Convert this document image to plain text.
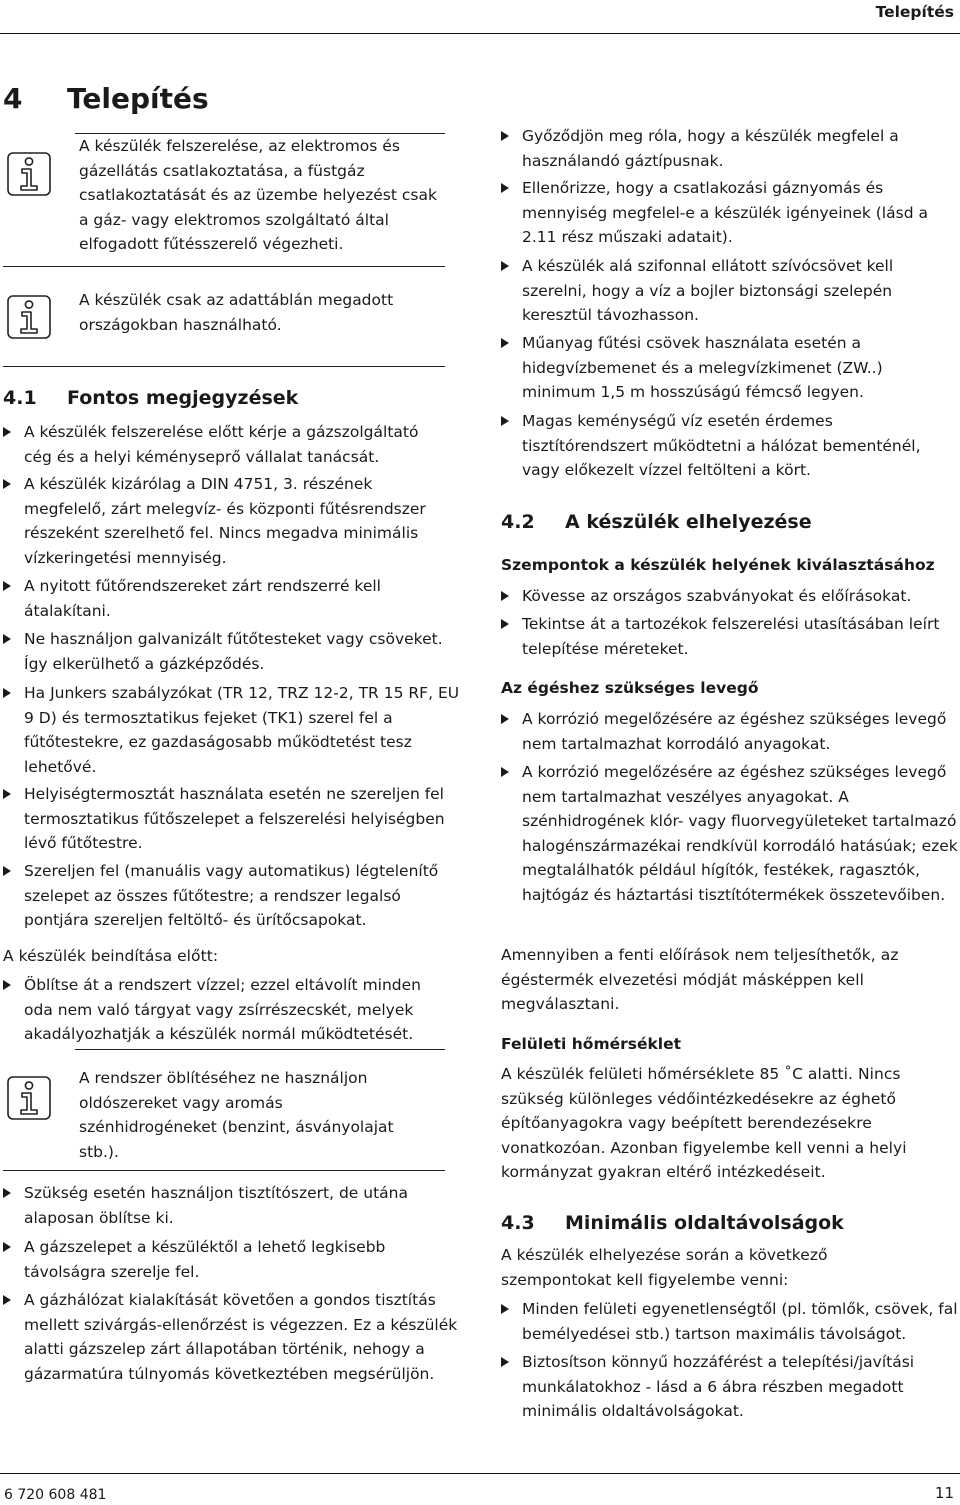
Telepítés
4 Telepítés
A készülék felszerelése, az elektromos és gázellátás csatlakoztatása, a füstgáz csatlakoztatását és az üzembe helyezést csak a gáz- vagy elektromos szolgáltató által elfogadott fűtésszerelő végezheti.
A készülék csak az adattáblán megadott országokban használható.
4.1 Fontos megjegyzések
A készülék felszerelése előtt kérje a gázszolgáltató cég és a helyi kéményseprő vállalat tanácsát.
A készülék kizárólag a DIN 4751, 3. részének megfelelő, zárt melegvíz- és központi fűtésrendszer részeként szerelhető fel. Nincs megadva minimális vízkeringetési mennyiség.
A nyitott fűtőrendszereket zárt rendszerré kell átalakítani.
Ne használjon galvanizált fűtőtesteket vagy csöveket. Így elkerülhető a gázképződés.
Ha Junkers szabályzókat (TR 12, TRZ 12-2, TR 15 RF, EU 9 D) és termosztatikus fejeket (TK1) szerel fel a fűtőtestekre, ez gazdaságosabb működtetést tesz lehetővé.
Helyiségtermosztát használata esetén ne szereljen fel termosztatikus fűtőszelepet a felszerelési helyiségben lévő fűtőtestre.
Szereljen fel (manuális vagy automatikus) légtelenítő szelepet az összes fűtőtestre; a rendszer legalsó pontjára szereljen feltöltő- és ürítőcsapokat.
A készülék beindítása előtt:
Öblítse át a rendszert vízzel; ezzel eltávolít minden oda nem való tárgyat vagy zsírrészecskét, melyek akadályozhatják a készülék normál működtetését.
A rendszer öblítéséhez ne használjon oldószereket vagy aromás szénhidrogéneket (benzint, ásványolajat stb.).
Szükség esetén használjon tisztítószert, de utána alaposan öblítse ki.
A gázszelepet a készüléktől a lehető legkisebb távolságra szerelje fel.
A gázhálózat kialakítását követően a gondos tisztítás mellett szivárgás-ellenőrzést is végezzen. Ez a készülék alatti gázszelep zárt állapotában történik, nehogy a gázarmatúra túlnyomás következtében megsérüljön.
Győződjön meg róla, hogy a készülék megfelel a használandó gáztípusnak.
Ellenőrizze, hogy a csatlakozási gáznyomás és mennyiség megfelel-e a készülék igényeinek (lásd a 2.11 rész műszaki adatait).
A készülék alá szifonnal ellátott szívócsövet kell szerelni, hogy a víz a bojler biztonsági szelepén keresztül távozhasson.
Műanyag fűtési csövek használata esetén a hidegvízbemenet és a melegvízkimenet (ZW..) minimum 1,5 m hosszúságú fémcső legyen.
Magas keménységű víz esetén érdemes tisztítórendszert működtetni a hálózat bementénél, vagy előkezelt vízzel feltölteni a kört.
4.2 A készülék elhelyezése
Szempontok a készülék helyének kiválasztásához
Kövesse az országos szabványokat és előírásokat.
Tekintse át a tartozékok felszerelési utasításában leírt telepítése méreteket.
Az égéshez szükséges levegő
A korrózió megelőzésére az égéshez szükséges levegő nem tartalmazhat korrodáló anyagokat.
A korrózió megelőzésére az égéshez szükséges levegő nem tartalmazhat veszélyes anyagokat. A szénhidrogének klór- vagy fluorvegyületeket tartalmazó halogénszármazékai rendkívül korrodáló hatásúak; ezek megtalálhatók például hígítók, festékek, ragasztók, hajtógáz és háztartási tisztítótermékek összetevőiben.
Amennyiben a fenti előírások nem teljesíthetők, az égéstermék elvezetési módját másképpen kell megválasztani.
Felületi hőmérséklet
A készülék felületi hőmérséklete 85 ˚C alatti. Nincs szükség különleges védőintézkedésekre az éghető építőanyagokra vagy beépített berendezésekre vonatkozóan. Azonban figyelembe kell venni a helyi kormányzat gyakran eltérő intézkedéseit.
4.3 Minimális oldaltávolságok
A készülék elhelyezése során a következő szempontokat kell figyelembe venni:
Minden felületi egyenetlenségtől (pl. tömlők, csövek, fal bemélyedései stb.) tartson maximális távolságot.
Biztosítson könnyű hozzáférést a telepítési/javítási munkálatokhoz - lásd a 6 ábra részben megadott minimális oldaltávolságokat.
6 720 608 481	11
